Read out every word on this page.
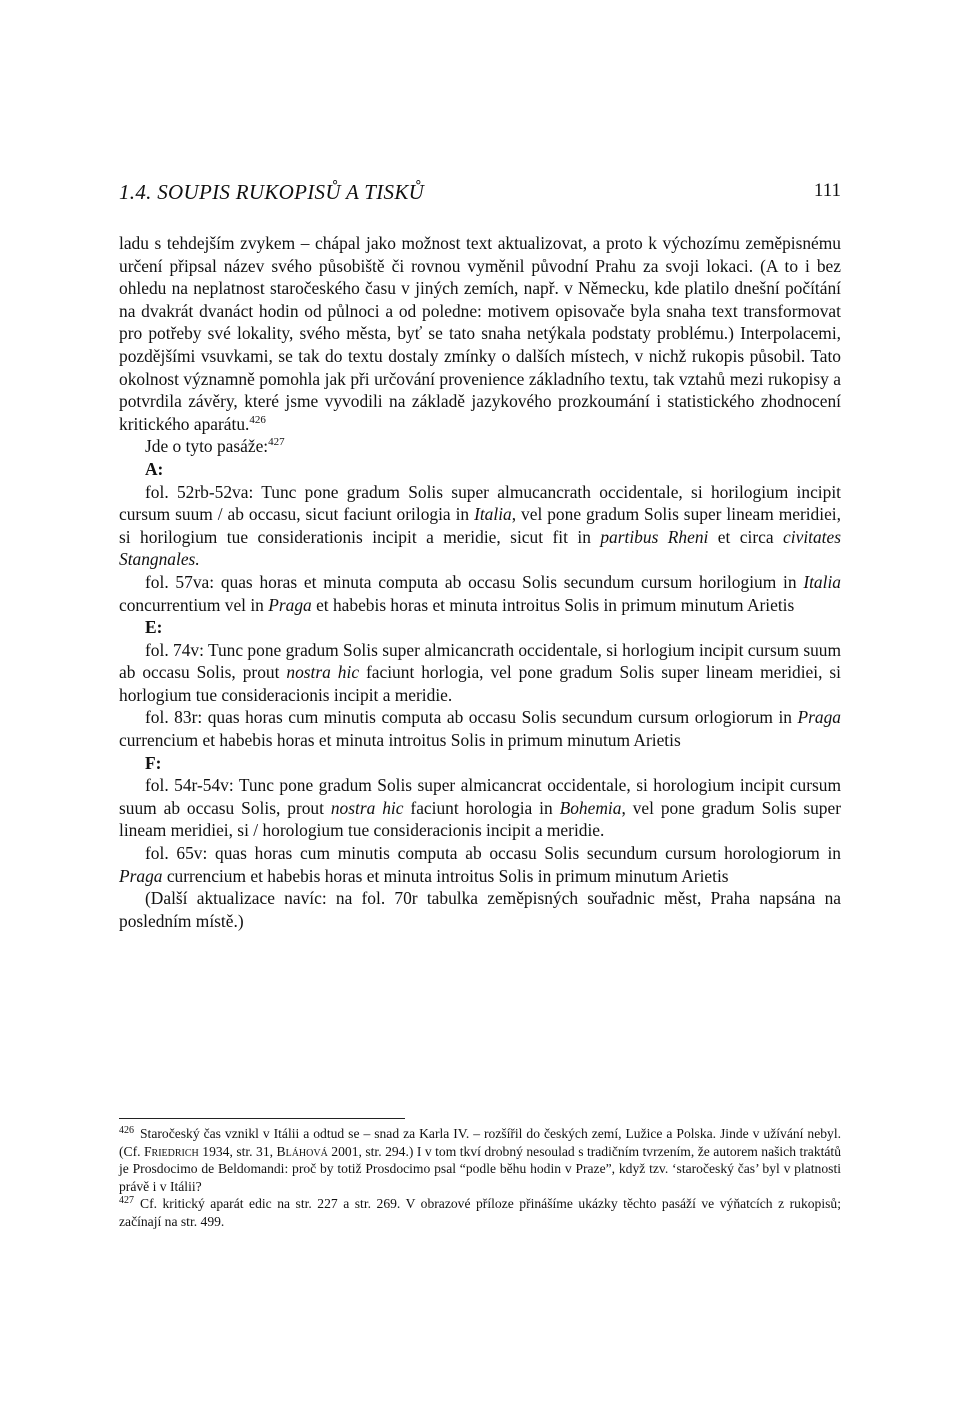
1.4. SOUPIS RUKOPISŮ A TISKŮ	111

ladu s tehdejším zvykem – chápal jako možnost text aktualizovat, a proto k výchozímu zeměpisnému určení připsal název svého působiště či rovnou vyměnil původní Prahu za svoji lokaci. (A to i bez ohledu na neplatnost staročeského času v jiných zemích, např. v Německu, kde platilo dnešní počítání na dvakrát dvanáct hodin od půlnoci a od poledne: motivem opisovače byla snaha text transformovat pro potřeby své lokality, svého města, byť se tato snaha netýkala podstaty problému.) Interpolacemi, pozdějšími vsuvkami, se tak do textu dostaly zmínky o dalších místech, v nichž rukopis působil. Tato okolnost významně pomohla jak při určování provenience základního textu, tak vztahů mezi rukopisy a potvrdila závěry, které jsme vyvodili na základě jazykového prozkoumání i statistického zhodnocení kritického aparátu.$^{426}$

Jde o tyto pasáže:$^{427}$

A:

fol. 52rb-52va: Tunc pone gradum Solis super almucancrath occidentale, si horilogium incipit cursum suum / ab occasu, sicut faciunt orilogia in Italia, vel pone gradum Solis super lineam meridiei, si horilogium tue considerationis incipit a meridie, sicut fit in partibus Rheni et circa civitates Stangnales.

fol. 57va: quas horas et minuta computa ab occasu Solis secundum cursum horilogium in Italia concurrentium vel in Praga et habebis horas et minuta introitus Solis in primum minutum Arietis

E:

fol. 74v: Tunc pone gradum Solis super almicancrath occidentale, si horlogium incipit cursum suum ab occasu Solis, prout nostra hic faciunt horlogia, vel pone gradum Solis super lineam meridiei, si horlogium tue consideracionis incipit a meridie.

fol. 83r: quas horas cum minutis computa ab occasu Solis secundum cursum orlogiorum in Praga currencium et habebis horas et minuta introitus Solis in primum minutum Arietis

F:

fol. 54r-54v: Tunc pone gradum Solis super almicancrat occidentale, si horologium incipit cursum suum ab occasu Solis, prout nostra hic faciunt horologia in Bohemia, vel pone gradum Solis super lineam meridiei, si / horologium tue consideracionis incipit a meridie.

fol. 65v: quas horas cum minutis computa ab occasu Solis secundum cursum horologiorum in Praga currencium et habebis horas et minuta introitus Solis in primum minutum Arietis

(Další aktualizace navíc: na fol. 70r tabulka zeměpisných souřadnic měst, Praha napsána na posledním místě.)

$^{426}$ Staročeský čas vznikl v Itálii a odtud se – snad za Karla IV. – rozšířil do českých zemí, Lužice a Polska. Jinde v užívání nebyl. (Cf. Friedrich 1934, str. 31, Bláhová 2001, str. 294.) I v tom tkví drobný nesoulad s tradičním tvrzením, že autorem našich traktátů je Prosdocimo de Beldomandi: proč by totiž Prosdocimo psal “podle běhu hodin v Praze”, když tzv. ‘staročeský čas’ byl v platnosti právě i v Itálii?

$^{427}$ Cf. kritický aparát edic na str. 227 a str. 269. V obrazové příloze přinášíme ukázky těchto pasáží ve výňatcích z rukopisů; začínají na str. 499.
